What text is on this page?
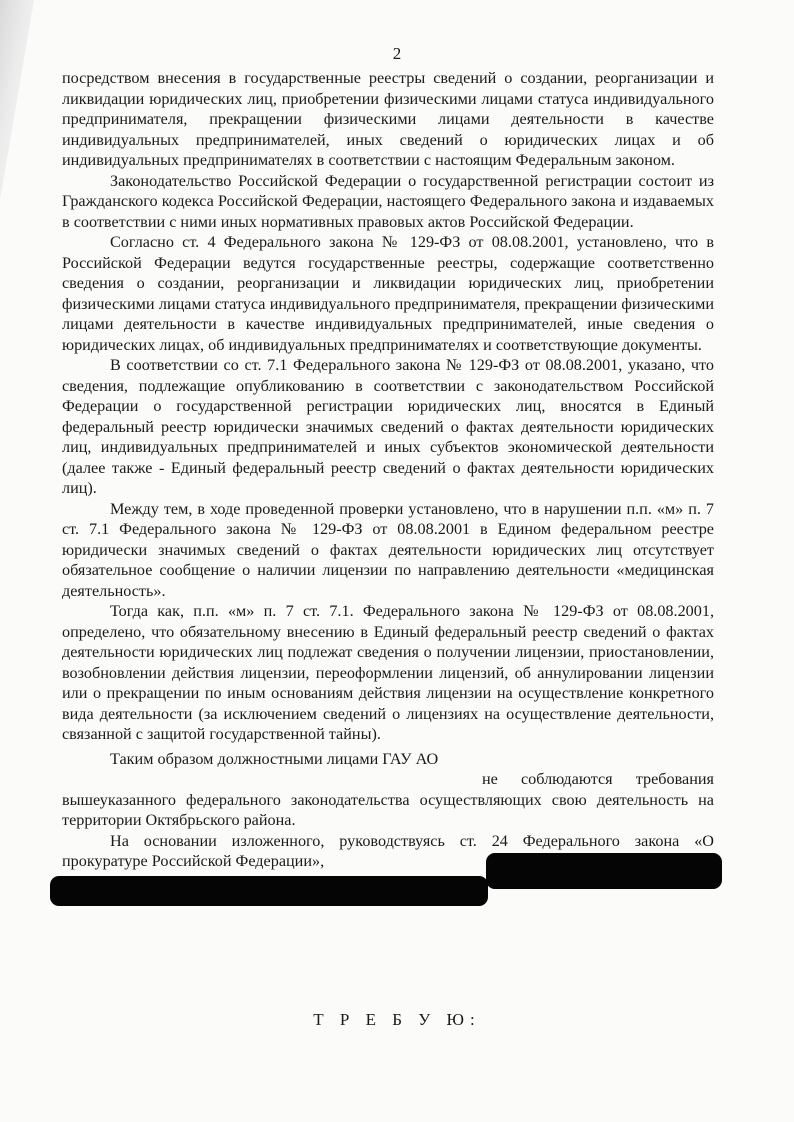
2

посредством внесения в государственные реестры сведений о создании, реорганизации и ликвидации юридических лиц, приобретении физическими лицами статуса индивидуального предпринимателя, прекращении физическими лицами деятельности в качестве индивидуальных предпринимателей, иных сведений о юридических лицах и об индивидуальных предпринимателях в соответствии с настоящим Федеральным законом.

Законодательство Российской Федерации о государственной регистрации состоит из Гражданского кодекса Российской Федерации, настоящего Федерального закона и издаваемых в соответствии с ними иных нормативных правовых актов Российской Федерации.

Согласно ст. 4 Федерального закона № 129-ФЗ от 08.08.2001, установлено, что в Российской Федерации ведутся государственные реестры, содержащие соответственно сведения о создании, реорганизации и ликвидации юридических лиц, приобретении физическими лицами статуса индивидуального предпринимателя, прекращении физическими лицами деятельности в качестве индивидуальных предпринимателей, иные сведения о юридических лицах, об индивидуальных предпринимателях и соответствующие документы.

В соответствии со ст. 7.1 Федерального закона № 129-ФЗ от 08.08.2001, указано, что сведения, подлежащие опубликованию в соответствии с законодательством Российской Федерации о государственной регистрации юридических лиц, вносятся в Единый федеральный реестр юридически значимых сведений о фактах деятельности юридических лиц, индивидуальных предпринимателей и иных субъектов экономической деятельности (далее также - Единый федеральный реестр сведений о фактах деятельности юридических лиц).

Между тем, в ходе проведенной проверки установлено, что в нарушении п.п. «м» п. 7 ст. 7.1 Федерального закона № 129-ФЗ от 08.08.2001 в Едином федеральном реестре юридически значимых сведений о фактах деятельности юридических лиц отсутствует обязательное сообщение о наличии лицензии по направлению деятельности «медицинская деятельность».

Тогда как, п.п. «м» п. 7 ст. 7.1. Федерального закона № 129-ФЗ от 08.08.2001, определено, что обязательному внесению в Единый федеральный реестр сведений о фактах деятельности юридических лиц подлежат сведения о получении лицензии, приостановлении, возобновлении действия лицензии, переоформлении лицензий, об аннулировании лицензии или о прекращении по иным основаниям действия лицензии на осуществление конкретного вида деятельности (за исключением сведений о лицензиях на осуществление деятельности, связанной с защитой государственной тайны).

Таким образом должностными лицами ГАУ АО

не соблюдаются требования вышеуказанного федерального законодательства осуществляющих свою деятельность на территории Октябрьского района.

На основании изложенного, руководствуясь ст. 24 Федерального закона «О прокуратуре Российской Федерации»,

Т Р Е Б У Ю:
